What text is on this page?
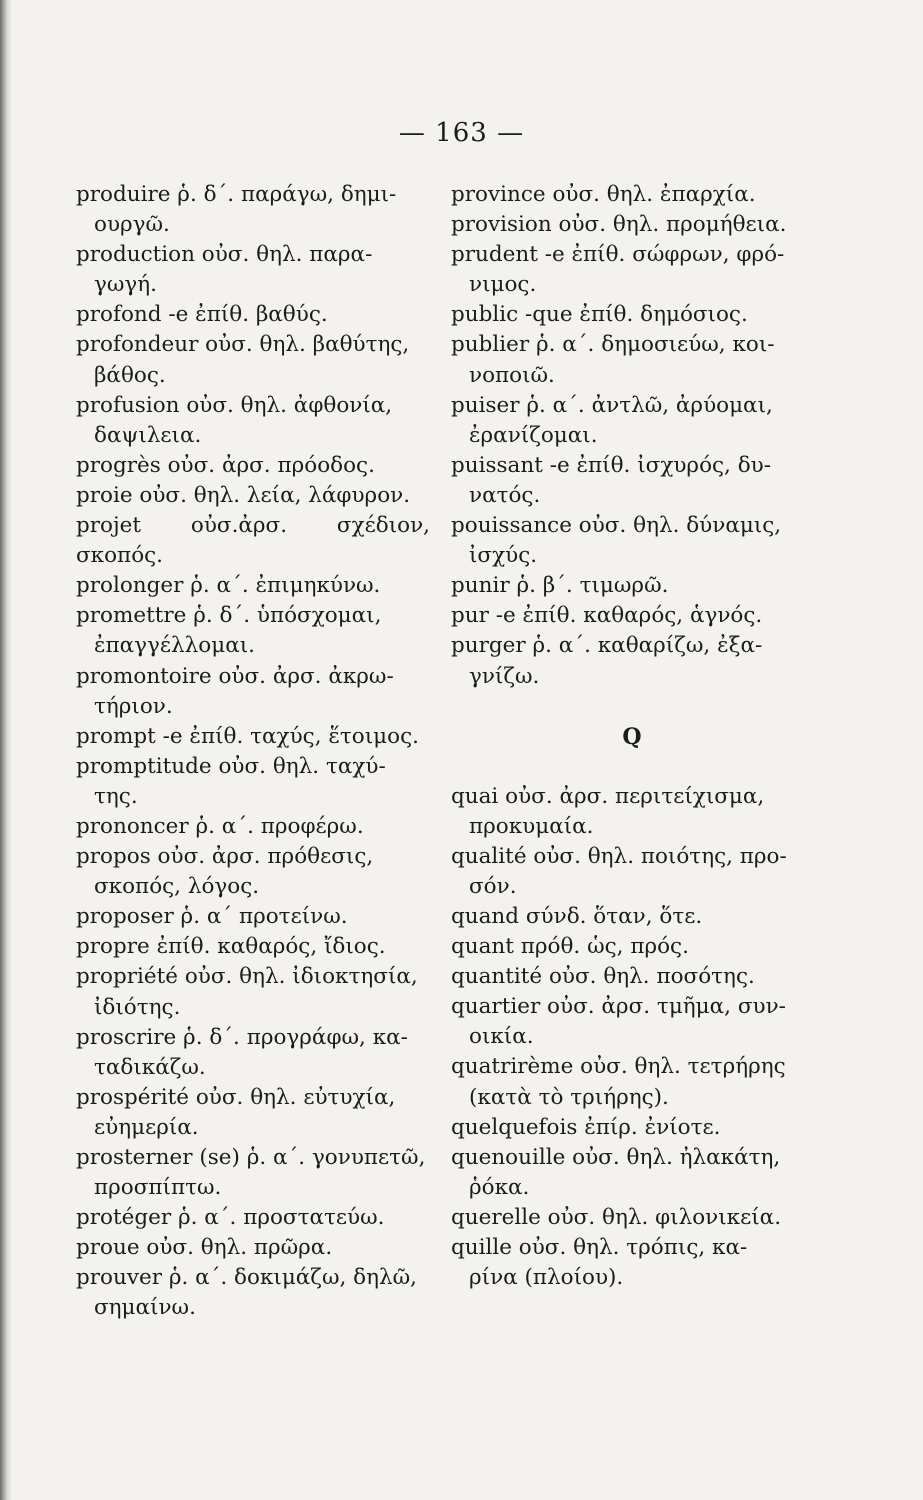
— 163 —
produire ῥ. δ΄. παράγω, δημι-
ουργῶ.
production οὐσ. θηλ. παρα-
γωγή.
profond -e ἐπίθ. βαθύς.
profondeur οὐσ. θηλ. βαθύτης,
βάθος.
profusion οὐσ. θηλ. ἀφθονία,
δαψιλεια.
progrès οὐσ. ἀρσ. πρόοδος.
proie οὐσ. θηλ. λεία, λάφυρον.
projet οὐσ.ἀρσ. σχέδιον, σκοπός.
prolonger ῥ. α΄. ἐπιμηκύνω.
promettre ῥ. δ΄. ὑπόσχομαι,
ἐπαγγέλλομαι.
promontoire οὐσ. ἀρσ. ἀκρω-
τήριον.
prompt -e ἐπίθ. ταχύς, ἕτοιμος.
promptitude οὐσ. θηλ. ταχύ-
της.
prononcer ῥ. α΄. προφέρω.
propos οὐσ. ἀρσ. πρόθεσις,
σκοπός, λόγος.
proposer ῥ. α΄ προτείνω.
propre ἐπίθ. καθαρός, ἴδιος.
propriété οὐσ. θηλ. ἰδιοκτησία,
ἰδιότης.
proscrire ῥ. δ΄. προγράφω, κα-
ταδικάζω.
prospérité οὐσ. θηλ. εὐτυχία,
εὐημερία.
prosterner (se) ῥ. α΄. γονυπετῶ,
προσπίπτω.
protéger ῥ. α΄. προστατεύω.
proue οὐσ. θηλ. πρῶρα.
prouver ῥ. α΄. δοκιμάζω, δηλῶ,
σημαίνω.
province οὐσ. θηλ. ἐπαρχία.
provision οὐσ. θηλ. προμήθεια.
prudent -e ἐπίθ. σώφρων, φρό-
νιμος.
public -que ἐπίθ. δημόσιος.
publier ῥ. α΄. δημοσιεύω, κοι-
νοποιῶ.
puiser ῥ. α΄. ἀντλῶ, ἀρύομαι,
ἐρανίζομαι.
puissant -e ἐπίθ. ἰσχυρός, δυ-
νατός.
pouissance οὐσ. θηλ. δύναμις,
ἰσχύς.
punir ῥ. β΄. τιμωρῶ.
pur -e ἐπίθ. καθαρός, ἁγνός.
purger ῥ. α΄. καθαρίζω, ἐξα-
γνίζω.
Q
quai οὐσ. ἀρσ. περιτείχισμα,
προκυμαία.
qualité οὐσ. θηλ. ποιότης, προ-
σόν.
quand σύνδ. ὅταν, ὅτε.
quant πρόθ. ὡς, πρός.
quantité οὐσ. θηλ. ποσότης.
quartier οὐσ. ἀρσ. τμῆμα, συν-
οικία.
quatrirème οὐσ. θηλ. τετρήρης
(κατὰ τὸ τριήρης).
quelquefois ἐπίρ. ἐνίοτε.
quenouille οὐσ. θηλ. ἠλακάτη,
ῥόκα.
querelle οὐσ. θηλ. φιλονικεία.
quille οὐσ. θηλ. τρόπις, κα-
ρίνα (πλοίου).
